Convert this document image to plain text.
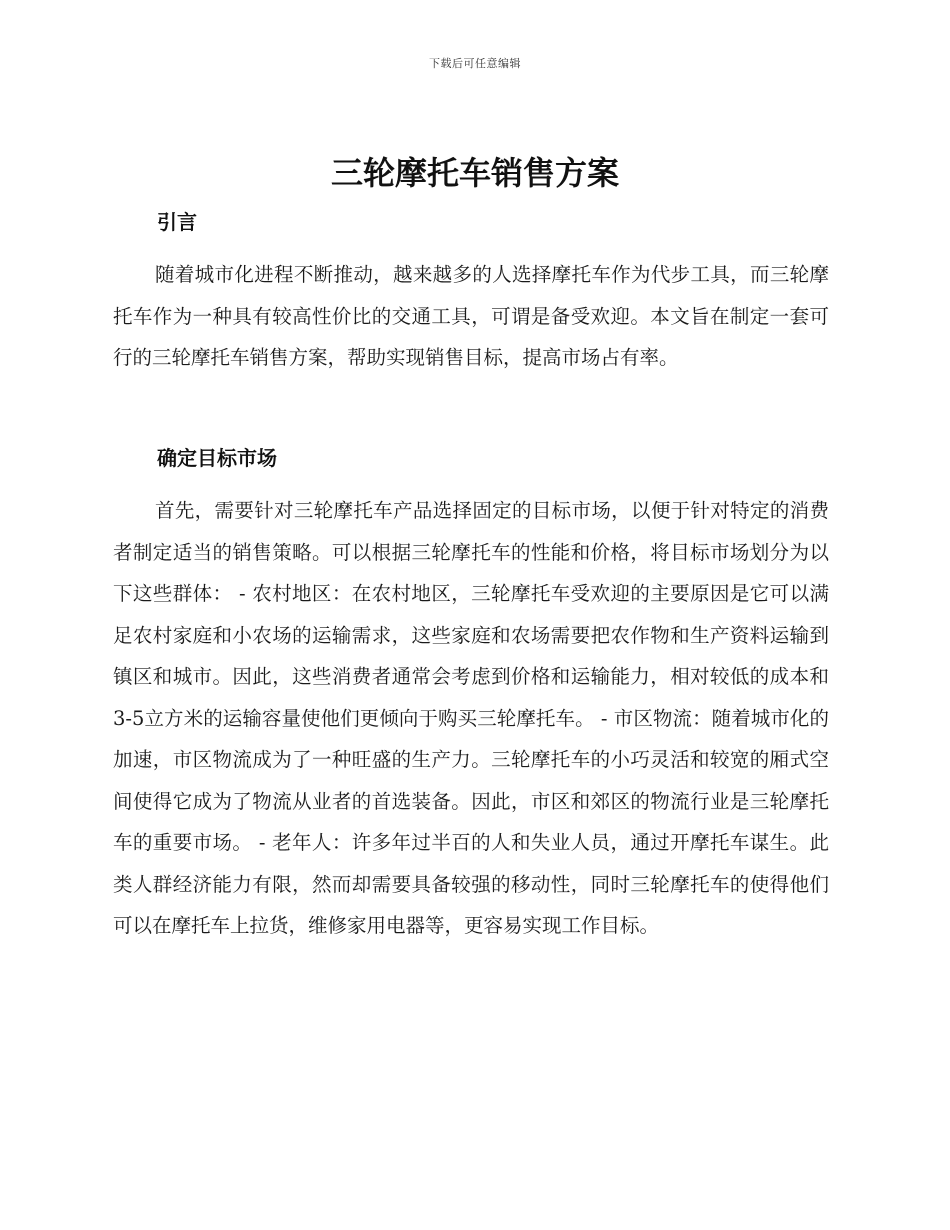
下载后可任意编辑
三轮摩托车销售方案
引言

随着城市化进程不断推动，越来越多的人选择摩托车作为代步工具，而三轮摩托车作为一种具有较高性价比的交通工具，可谓是备受欢迎。本文旨在制定一套可行的三轮摩托车销售方案，帮助实现销售目标，提高市场占有率。

确定目标市场

首先，需要针对三轮摩托车产品选择固定的目标市场，以便于针对特定的消费者制定适当的销售策略。可以根据三轮摩托车的性能和价格，将目标市场划分为以下这些群体： - 农村地区：在农村地区，三轮摩托车受欢迎的主要原因是它可以满足农村家庭和小农场的运输需求，这些家庭和农场需要把农作物和生产资料运输到镇区和城市。因此，这些消费者通常会考虑到价格和运输能力，相对较低的成本和3-5立方米的运输容量使他们更倾向于购买三轮摩托车。 - 市区物流：随着城市化的加速，市区物流成为了一种旺盛的生产力。三轮摩托车的小巧灵活和较宽的厢式空间使得它成为了物流从业者的首选装备。因此，市区和郊区的物流行业是三轮摩托车的重要市场。 - 老年人：许多年过半百的人和失业人员，通过开摩托车谋生。此类人群经济能力有限，然而却需要具备较强的移动性，同时三轮摩托车的使得他们可以在摩托车上拉货，维修家用电器等，更容易实现工作目标。
